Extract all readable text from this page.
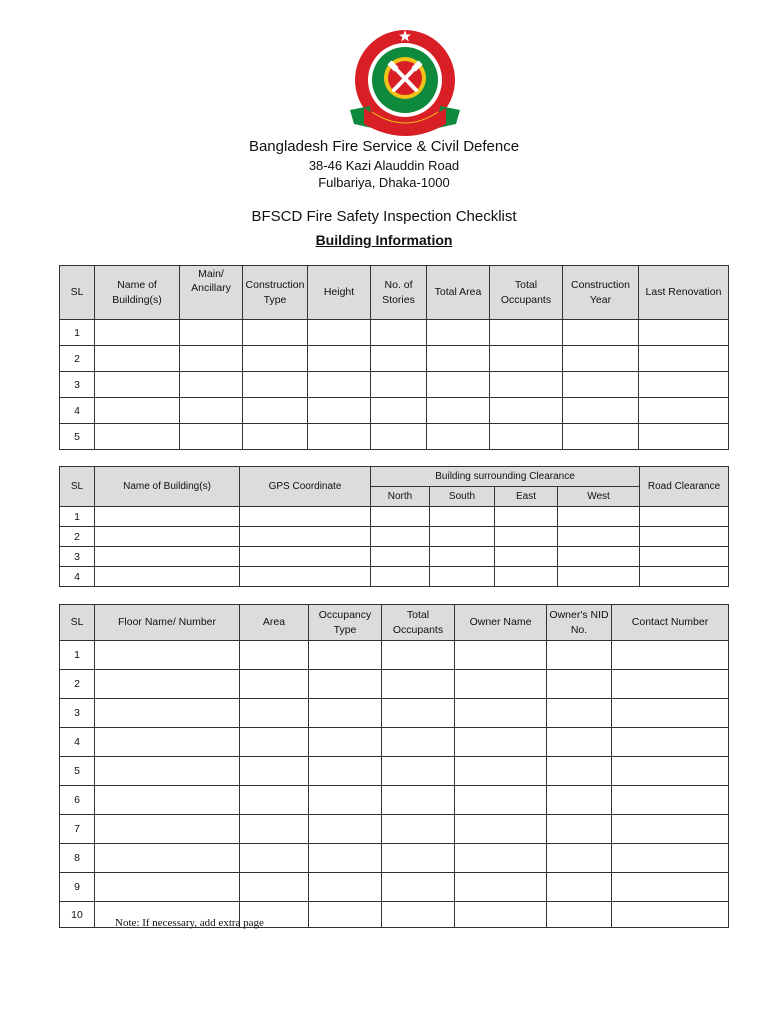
Bangladesh Fire Service & Civil Defence
38-46 Kazi Alauddin Road
Fulbariya, Dhaka-1000
BFSCD Fire Safety Inspection Checklist
Building Information
SL	Name of Building(s)	Main/ Ancillary	Construction Type	Height	No. of Stories	Total Area	Total Occupants	Construction Year	Last Renovation
1									
2									
3									
4									
5									
SL	Name of Building(s)	GPS Coordinate	Building surrounding Clearance				Road Clearance
			North	South	East	West	
1							
2							
3							
4							
SL	Floor Name/ Number	Area	Occupancy Type	Total Occupants	Owner Name	Owner's NID No.	Contact Number
1							
2							
3							
4							
5							
6							
7							
8							
9							
10							
Note: If necessary, add extra page
